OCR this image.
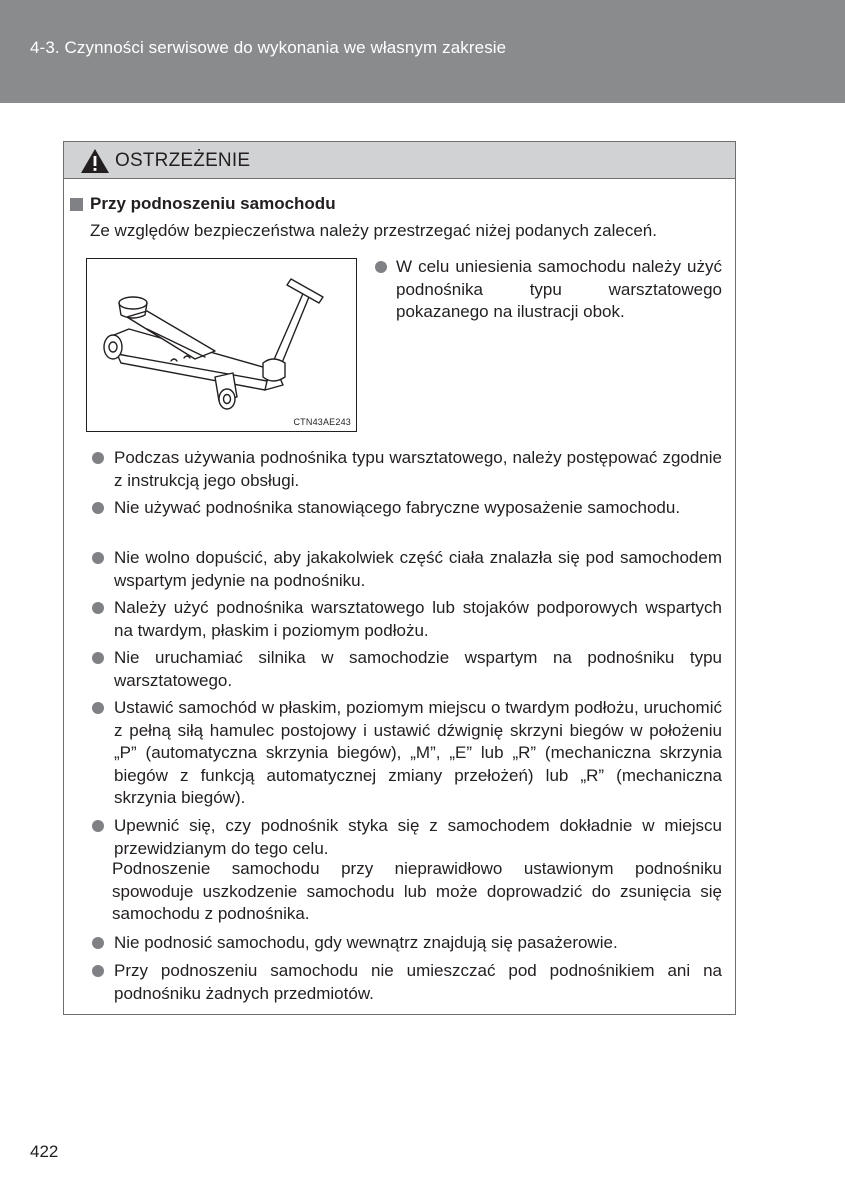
4-3. Czynności serwisowe do wykonania we własnym zakresie
OSTRZEŻENIE
Przy podnoszeniu samochodu
Ze względów bezpieczeństwa należy przestrzegać niżej podanych zaleceń.
CTN43AE243
W celu uniesienia samochodu należy użyć podnośnika typu warsztatowego pokazanego na ilustracji obok.
Podczas używania podnośnika typu warsztatowego, należy postępować zgodnie z instrukcją jego obsługi.
Nie używać podnośnika stanowiącego fabryczne wyposażenie samochodu.
Nie wolno dopuścić, aby jakakolwiek część ciała znalazła się pod samochodem wspartym jedynie na podnośniku.
Należy użyć podnośnika warsztatowego lub stojaków podporowych wspartych na twardym, płaskim i poziomym podłożu.
Nie uruchamiać silnika w samochodzie wspartym na podnośniku typu warsztatowego.
Ustawić samochód w płaskim, poziomym miejscu o twardym podłożu, uruchomić z pełną siłą hamulec postojowy i ustawić dźwignię skrzyni biegów w położeniu „P” (automatyczna skrzynia biegów), „M”, „E” lub „R” (mechaniczna skrzynia biegów z funkcją automatycznej zmiany przełożeń) lub „R” (mechaniczna skrzynia biegów).
Upewnić się, czy podnośnik styka się z samochodem dokładnie w miejscu przewidzianym do tego celu.
Podnoszenie samochodu przy nieprawidłowo ustawionym podnośniku spowoduje uszkodzenie samochodu lub może doprowadzić do zsunięcia się samochodu z podnośnika.
Nie podnosić samochodu, gdy wewnątrz znajdują się pasażerowie.
Przy podnoszeniu samochodu nie umieszczać pod podnośnikiem ani na podnośniku żadnych przedmiotów.
422
